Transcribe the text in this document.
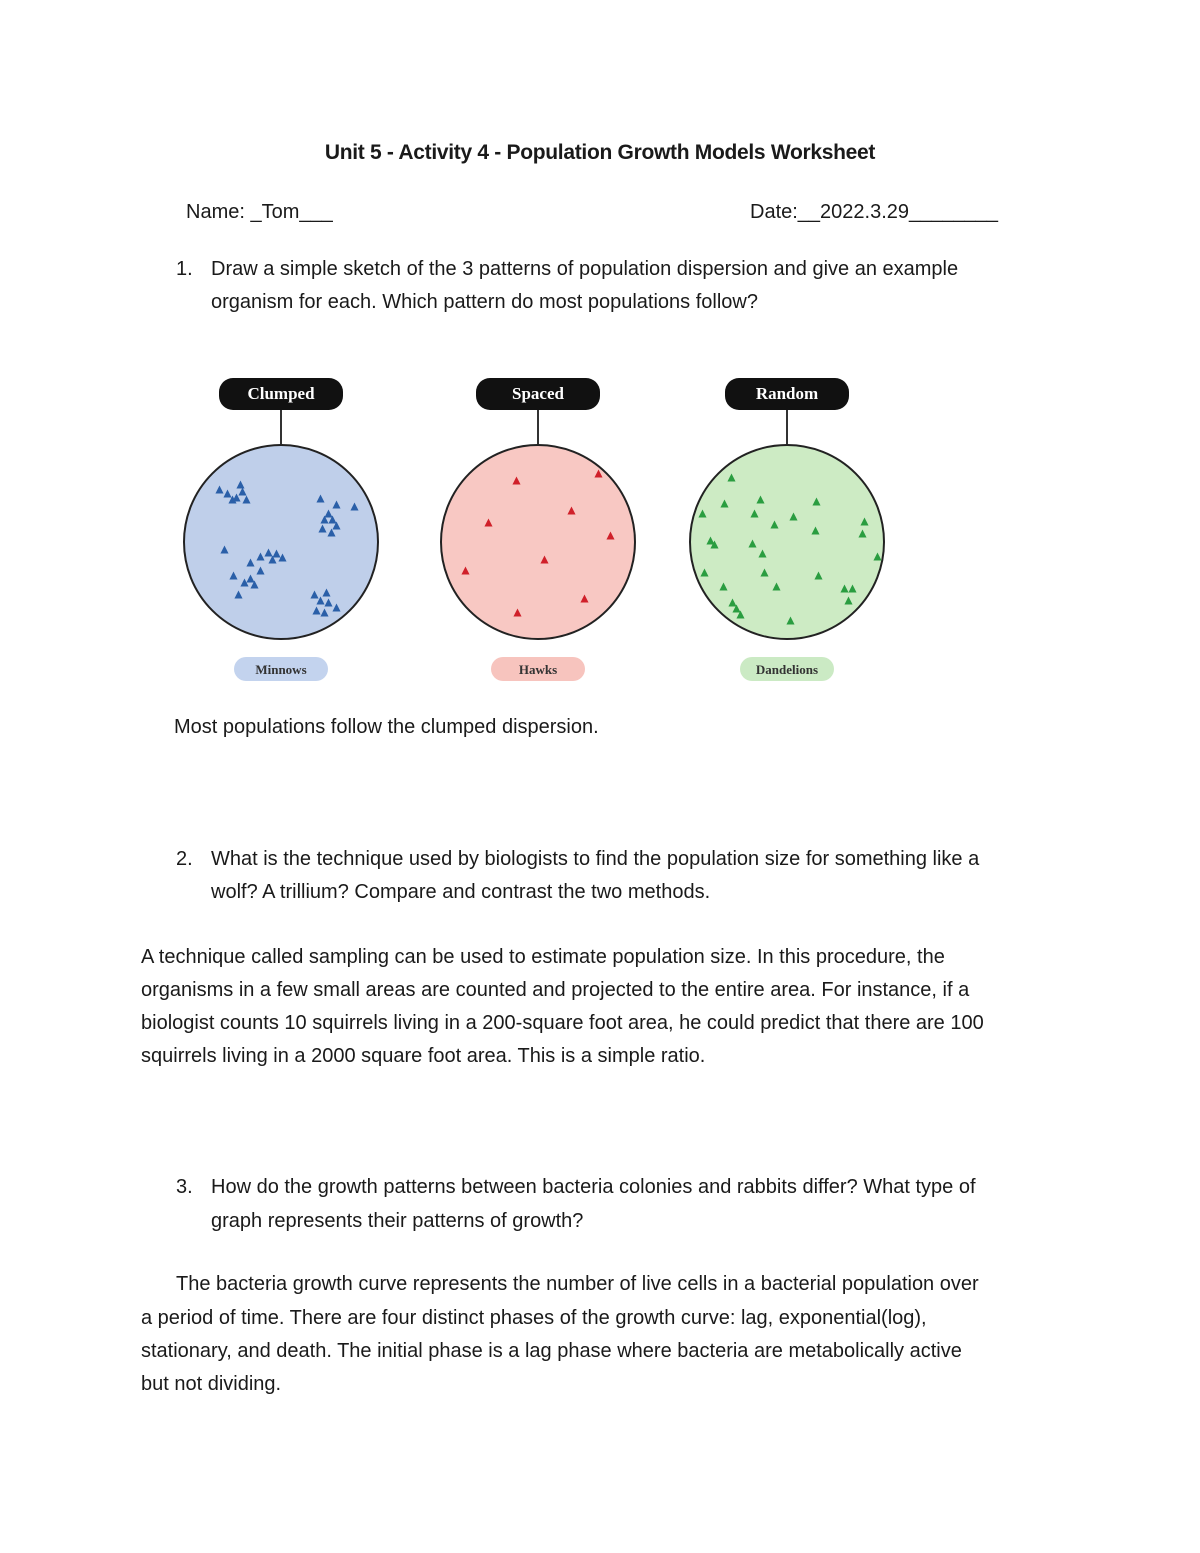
Unit 5 - Activity 4 - Population Growth Models Worksheet
Name: _Tom___	Date:__2022.3.29________
1. Draw a simple sketch of the 3 patterns of population dispersion and give an example
organism for each. Which pattern do most populations follow?
Clumped
Minnows
Spaced
Hawks
Random
Dandelions
Most populations follow the clumped dispersion.
2. What is the technique used by biologists to find the population size for something like a
wolf? A trillium? Compare and contrast the two methods.
A technique called sampling can be used to estimate population size. In this procedure, the
organisms in a few small areas are counted and projected to the entire area. For instance, if a
biologist counts 10 squirrels living in a 200-square foot area, he could predict that there are 100
squirrels living in a 2000 square foot area. This is a simple ratio.
3. How do the growth patterns between bacteria colonies and rabbits differ? What type of
graph represents their patterns of growth?
The bacteria growth curve represents the number of live cells in a bacterial population over
a period of time. There are four distinct phases of the growth curve: lag, exponential(log),
stationary, and death. The initial phase is a lag phase where bacteria are metabolically active
but not dividing.
